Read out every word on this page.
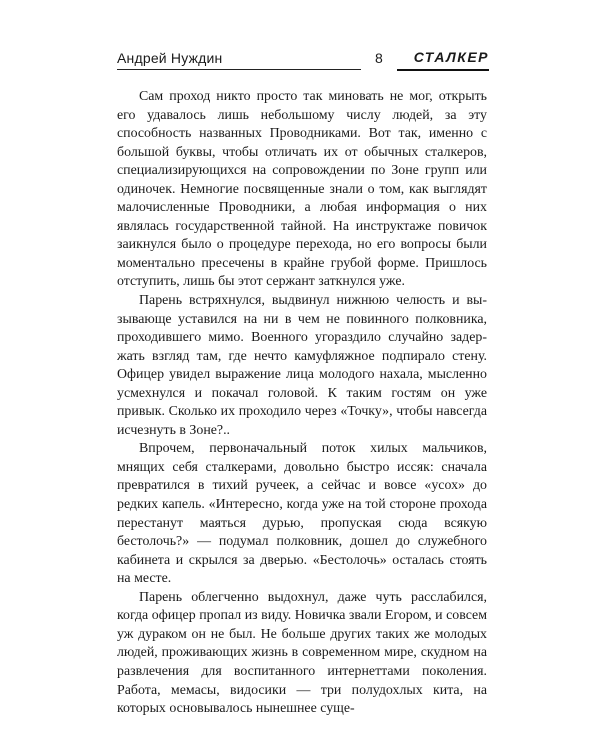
Андрей Нуждин	8 СТАЛКЕР

Сам проход никто просто так миновать не мог, открыть его удавалось лишь небольшому числу людей, за эту способность названных Проводниками. Вот так, именно с большой буквы, чтобы отличать их от обычных сталкеров, специализирующихся на сопровождении по Зоне групп или одиночек. Немногие посвященные знали о том, как выглядят малочисленные Проводники, а любая информация о них являлась государственной тайной. На инструктаже повичок заикнулся было о процедуре перехода, но его вопросы были моментально пресечены в крайне грубой форме. Пришлось отступить, лишь бы этот сержант заткнулся уже.

Парень встряхнулся, выдвинул нижнюю челюсть и вызывающе уставился на ни в чем не повинного полковника, проходившего мимо. Военного угораздило случайно задержать взгляд там, где нечто камуфляжное подпирало стену. Офицер увидел выражение лица молодого нахала, мысленно усмехнулся и покачал головой. К таким гостям он уже привык. Сколько их проходило через «Точку», чтобы навсегда исчезнуть в Зоне?..

Впрочем, первоначальный поток хилых мальчиков, мнящих себя сталкерами, довольно быстро иссяк: сначала превратился в тихий ручеек, а сейчас и вовсе «усох» до редких капель. «Интересно, когда уже на той стороне прохода перестанут маяться дурью, пропуская сюда всякую бестолочь?» — подумал полковник, дошел до служебного кабинета и скрылся за дверью. «Бестолочь» осталась стоять на месте.

Парень облегченно выдохнул, даже чуть расслабился, когда офицер пропал из виду. Новичка звали Егором, и совсем уж дураком он не был. Не больше других таких же молодых людей, проживающих жизнь в современном мире, скудном на развлечения для воспитанного интернеттами поколения. Работа, мемасы, видосики — три полудохлых кита, на которых основывалось нынешнее суще-
